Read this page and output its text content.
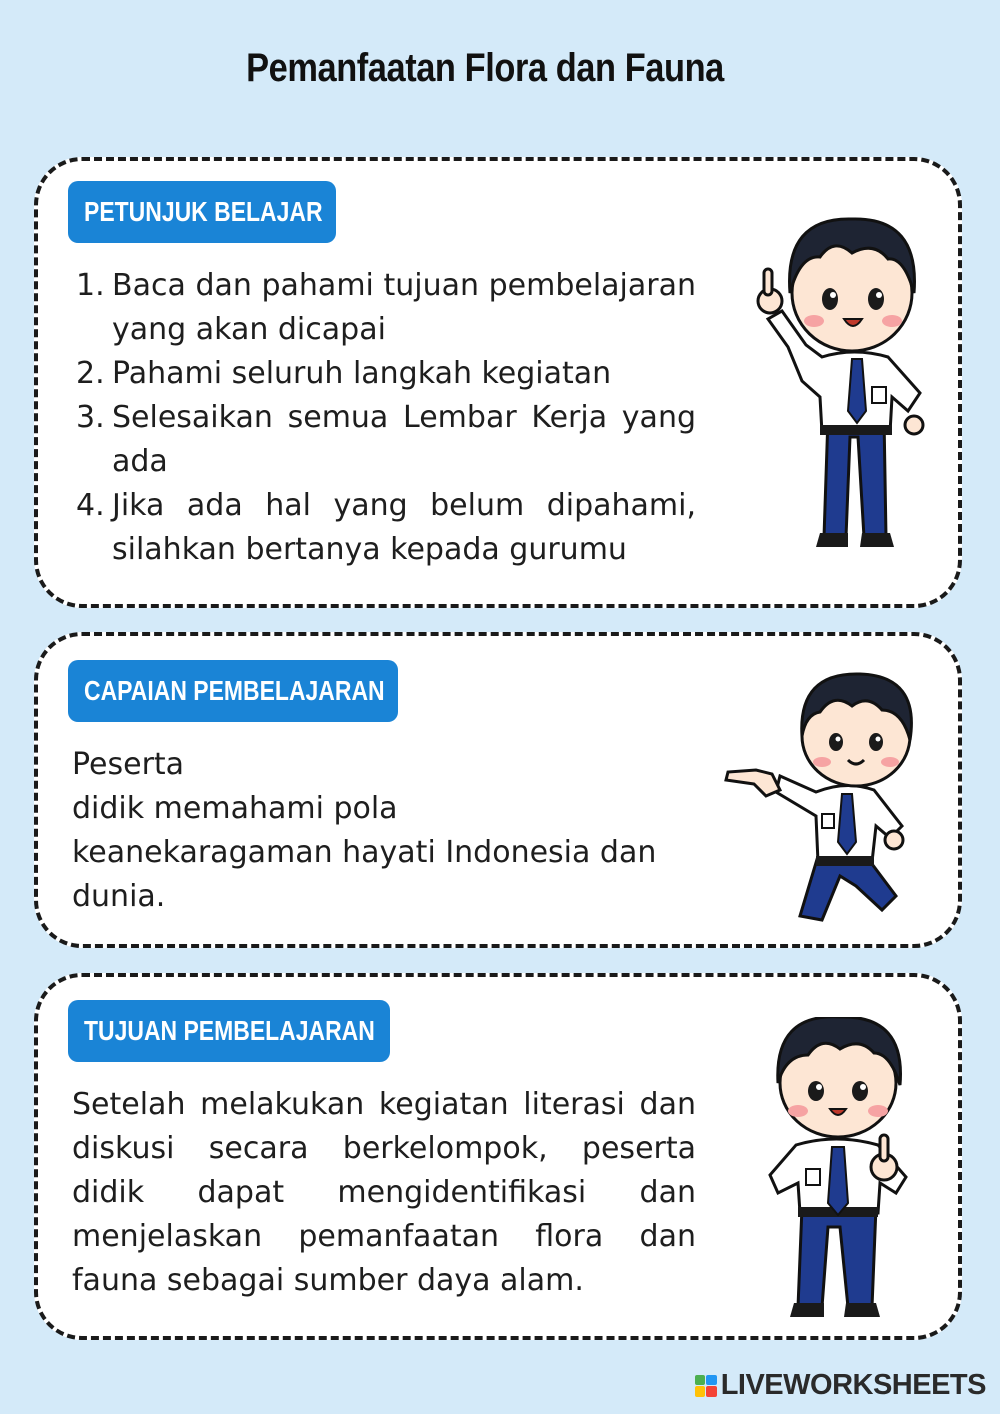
Pemanfaatan Flora dan Fauna
PETUNJUK BELAJAR
1. Baca dan pahami tujuan pembelajaran yang akan dicapai
2. Pahami seluruh langkah kegiatan
3. Selesaikan semua Lembar Kerja yang ada
4. Jika ada hal yang belum dipahami, silahkan bertanya kepada gurumu
CAPAIAN PEMBELAJARAN
Peserta
didik memahami pola
keanekaragaman hayati Indonesia dan
dunia.
TUJUAN PEMBELAJARAN
Setelah melakukan kegiatan literasi dan diskusi secara berkelompok, peserta didik dapat mengidentifikasi dan menjelaskan pemanfaatan flora dan fauna sebagai sumber daya alam.
LIVEWORKSHEETS
